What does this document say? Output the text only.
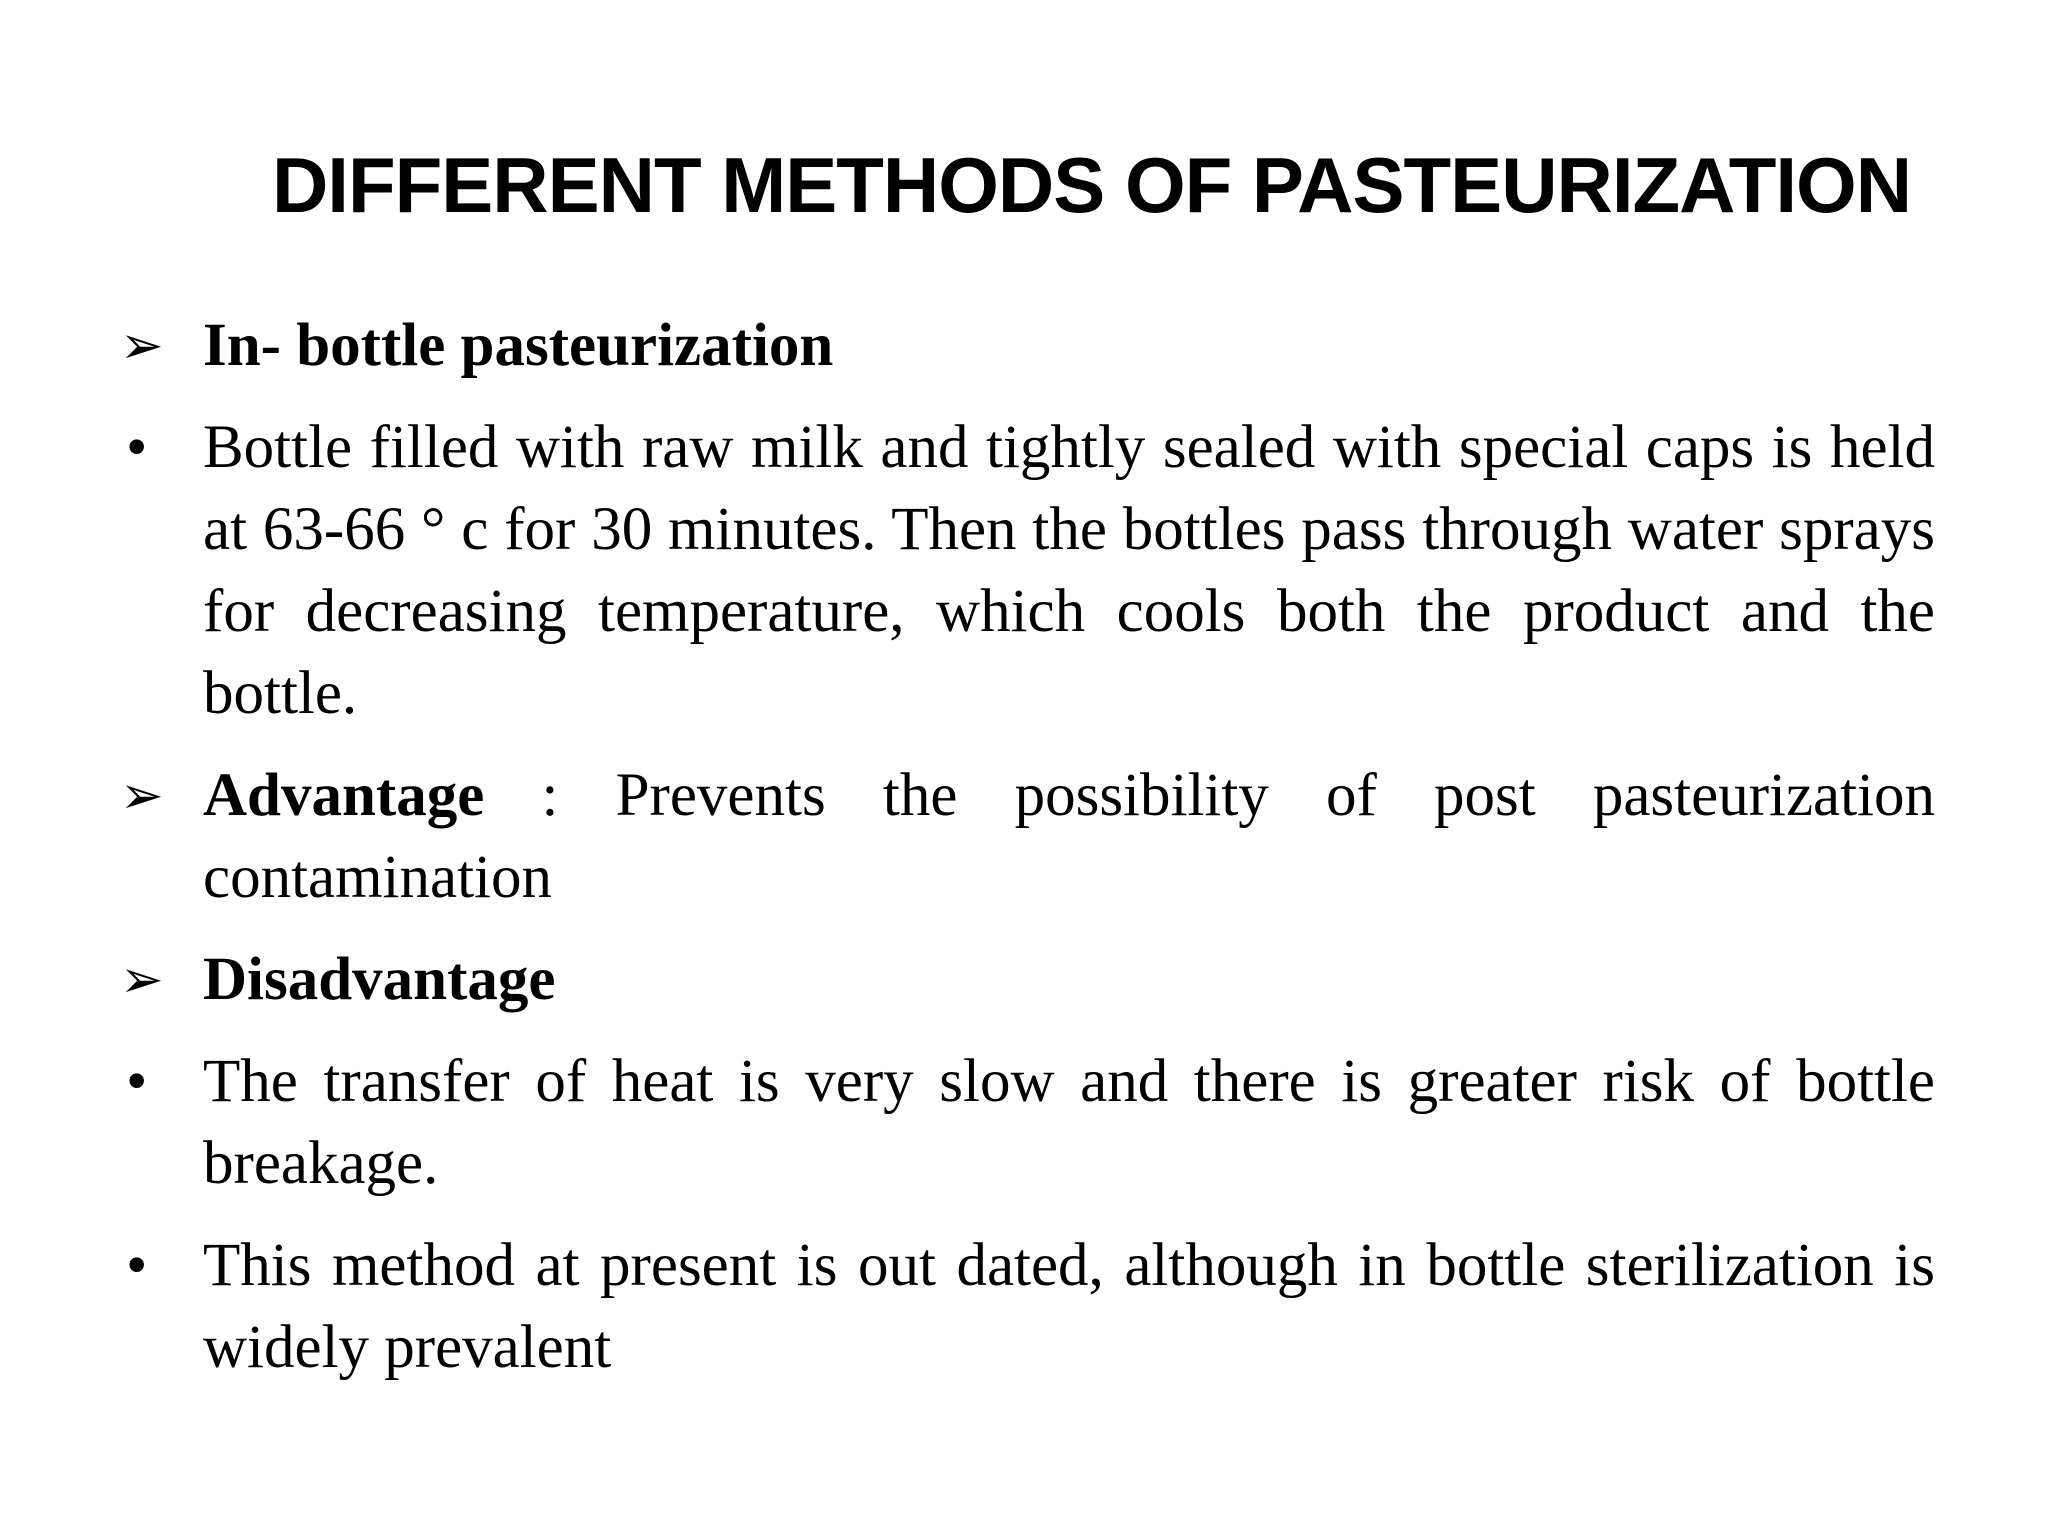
DIFFERENT METHODS OF PASTEURIZATION
➢ In- bottle pasteurization
• Bottle filled with raw milk and tightly sealed with special caps is held at 63-66 ° c for 30 minutes. Then the bottles pass through water sprays for decreasing temperature, which cools both the product and the bottle.
➢ Advantage : Prevents the possibility of post pasteurization contamination
➢ Disadvantage
• The transfer of heat is very slow and there is greater risk of bottle breakage.
• This method at present is out dated, although in bottle sterilization is widely prevalent
